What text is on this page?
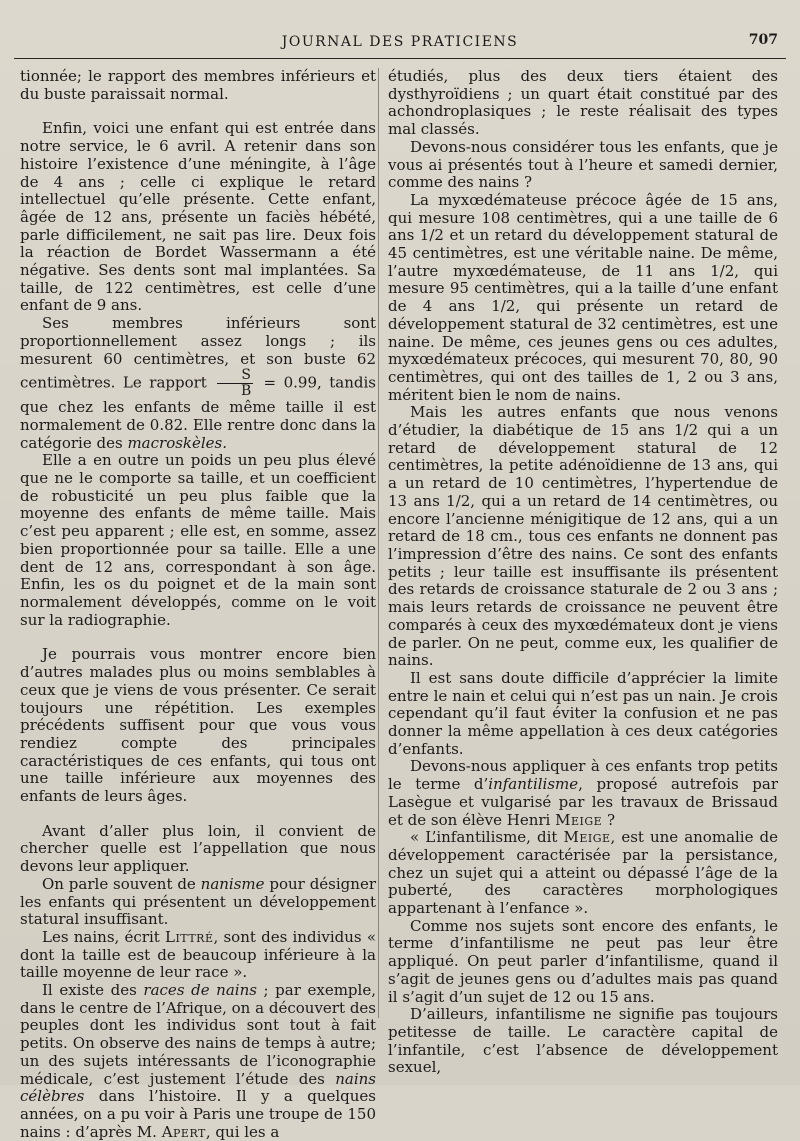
JOURNAL DES PRATICIENS	707

tionnée; le rapport des membres inférieurs et du buste paraissait normal.

Enfin, voici une enfant qui est entrée dans notre service, le 6 avril. A retenir dans son histoire l’existence d’une méningite, à l’âge de 4 ans ; celle ci explique le retard intellectuel qu’elle présente. Cette enfant, âgée de 12 ans, présente un faciès hébété, parle difficilement, ne sait pas lire. Deux fois la réaction de Bordet Wassermann a été négative. Ses dents sont mal implantées. Sa taille, de 122 centimètres, est celle d’une enfant de 9 ans.

Ses membres inférieurs sont proportionnellement assez longs ; ils mesurent 60 centimètres, et son buste 62 centimètres. Le rapport $\frac{S}{B} = 0.99$, tandis que chez les enfants de même taille il est normalement de 0.82. Elle rentre donc dans la catégorie des macroskèles.

Elle a en outre un poids un peu plus élevé que ne le comporte sa taille, et un coefficient de robusticité un peu plus faible que la moyenne des enfants de même taille. Mais c’est peu apparent ; elle est, en somme, assez bien proportionnée pour sa taille. Elle a une dent de 12 ans, correspondant à son âge. Enfin, les os du poignet et de la main sont normalement développés, comme on le voit sur la radiographie.

Je pourrais vous montrer encore bien d’autres malades plus ou moins semblables à ceux que je viens de vous présenter. Ce serait toujours une répétition. Les exemples précédents suffisent pour que vous vous rendiez compte des principales caractéristiques de ces enfants, qui tous ont une taille inférieure aux moyennes des enfants de leurs âges.

Avant d’aller plus loin, il convient de chercher quelle est l’appellation que nous devons leur appliquer.

On parle souvent de nanisme pour désigner les enfants qui présentent un développement statural insuffisant.

Les nains, écrit Littré, sont des individus « dont la taille est de beaucoup inférieure à la taille moyenne de leur race ».

Il existe des races de nains ; par exemple, dans le centre de l’Afrique, on a découvert des peuples dont les individus sont tout à fait petits. On observe des nains de temps à autre; un des sujets intéressants de l’iconographie médicale, c’est justement l’étude des nains célèbres dans l’histoire. Il y a quelques années, on a pu voir à Paris une troupe de 150 nains : d’après M. Apert, qui les a

étudiés, plus des deux tiers étaient des dysthyroïdiens ; un quart était constitué par des achondroplasiques ; le reste réalisait des types mal classés.

Devons-nous considérer tous les enfants, que je vous ai présentés tout à l’heure et samedi dernier, comme des nains ?

La myxœdémateuse précoce âgée de 15 ans, qui mesure 108 centimètres, qui a une taille de 6 ans 1/2 et un retard du développement statural de 45 centimètres, est une véritable naine. De même, l’autre myxœdémateuse, de 11 ans 1/2, qui mesure 95 centimètres, qui a la taille d’une enfant de 4 ans 1/2, qui présente un retard de développement statural de 32 centimètres, est une naine. De même, ces jeunes gens ou ces adultes, myxœdémateux précoces, qui mesurent 70, 80, 90 centimètres, qui ont des tailles de 1, 2 ou 3 ans, méritent bien le nom de nains.

Mais les autres enfants que nous venons d’étudier, la diabétique de 15 ans 1/2 qui a un retard de développement statural de 12 centimètres, la petite adénoïdienne de 13 ans, qui a un retard de 10 centimètres, l’hypertendue de 13 ans 1/2, qui a un retard de 14 centimètres, ou encore l’ancienne ménigitique de 12 ans, qui a un retard de 18 cm., tous ces enfants ne donnent pas l’impression d’être des nains. Ce sont des enfants petits ; leur taille est insuffisante ils présentent des retards de croissance staturale de 2 ou 3 ans ; mais leurs retards de croissance ne peuvent être comparés à ceux des myxœdémateux dont je viens de parler. On ne peut, comme eux, les qualifier de nains.

Il est sans doute difficile d’apprécier la limite entre le nain et celui qui n’est pas un nain. Je crois cependant qu’il faut éviter la confusion et ne pas donner la même appellation à ces deux catégories d’enfants.

Devons-nous appliquer à ces enfants trop petits le terme d’infantilisme, proposé autrefois par Lasègue et vulgarisé par les travaux de Brissaud et de son élève Henri Meige ?

« L’infantilisme, dit Meige, est une anomalie de développement caractérisée par la persistance, chez un sujet qui a atteint ou dépassé l’âge de la puberté, des caractères morphologiques appartenant à l’enfance ».

Comme nos sujets sont encore des enfants, le terme d’infantilisme ne peut pas leur être appliqué. On peut parler d’infantilisme, quand il s’agit de jeunes gens ou d’adultes mais pas quand il s’agit d’un sujet de 12 ou 15 ans.

D’ailleurs, infantilisme ne signifie pas toujours petitesse de taille. Le caractère capital de l’infantile, c’est l’absence de développement sexuel,
